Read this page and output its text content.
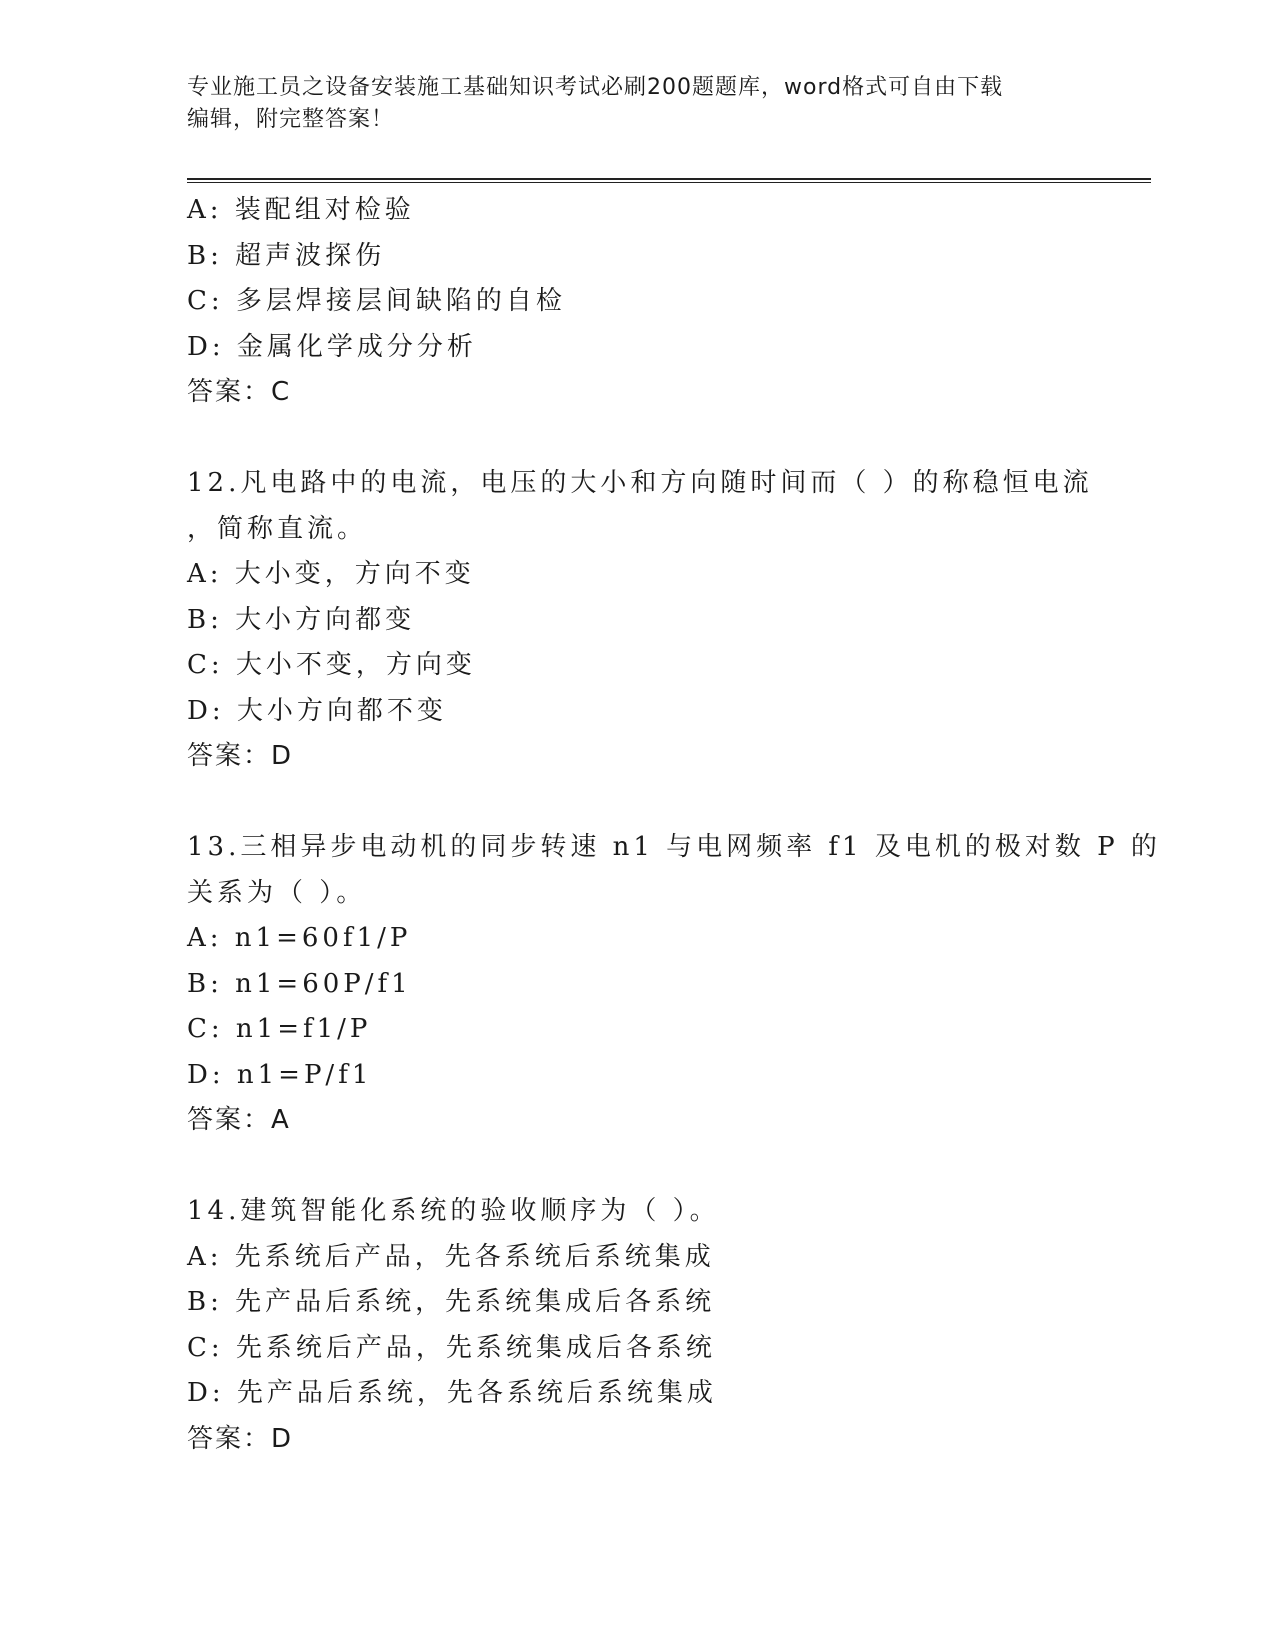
专业施工员之设备安装施工基础知识考试必刷200题题库，word格式可自由下载
编辑，附完整答案！
A: 装配组对检验
B: 超声波探伤
C: 多层焊接层间缺陷的自检
D: 金属化学成分分析
答案：C
12.凡电路中的电流，电压的大小和方向随时间而（ ）的称稳恒电流
，简称直流。
A: 大小变，方向不变
B: 大小方向都变
C: 大小不变，方向变
D: 大小方向都不变
答案：D
13.三相异步电动机的同步转速 n1 与电网频率 f1 及电机的极对数 P 的
关系为（ ）。
A: n1=60f1/P
B: n1=60P/f1
C: n1=f1/P
D: n1=P/f1
答案：A
14.建筑智能化系统的验收顺序为（ ）。
A: 先系统后产品，先各系统后系统集成
B: 先产品后系统，先系统集成后各系统
C: 先系统后产品，先系统集成后各系统
D: 先产品后系统，先各系统后系统集成
答案：D
